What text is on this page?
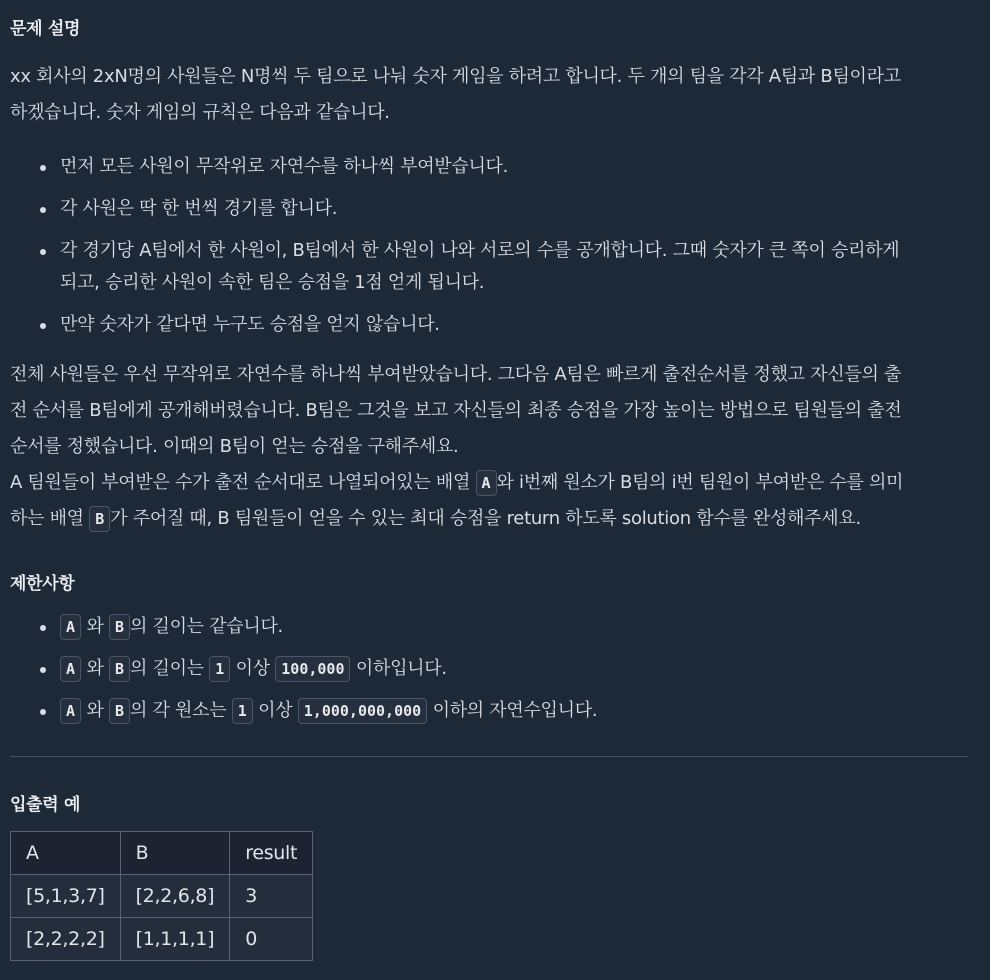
문제 설명
xx 회사의 2xN명의 사원들은 N명씩 두 팀으로 나눠 숫자 게임을 하려고 합니다. 두 개의 팀을 각각 A팀과 B팀이라고
하겠습니다. 숫자 게임의 규칙은 다음과 같습니다.
먼저 모든 사원이 무작위로 자연수를 하나씩 부여받습니다.
각 사원은 딱 한 번씩 경기를 합니다.
각 경기당 A팀에서 한 사원이, B팀에서 한 사원이 나와 서로의 수를 공개합니다. 그때 숫자가 큰 쪽이 승리하게
되고, 승리한 사원이 속한 팀은 승점을 1점 얻게 됩니다.
만약 숫자가 같다면 누구도 승점을 얻지 않습니다.
전체 사원들은 우선 무작위로 자연수를 하나씩 부여받았습니다. 그다음 A팀은 빠르게 출전순서를 정했고 자신들의 출
전 순서를 B팀에게 공개해버렸습니다. B팀은 그것을 보고 자신들의 최종 승점을 가장 높이는 방법으로 팀원들의 출전
순서를 정했습니다. 이때의 B팀이 얻는 승점을 구해주세요.
A 팀원들이 부여받은 수가 출전 순서대로 나열되어있는 배열 A 와 i번째 원소가 B팀의 i번 팀원이 부여받은 수를 의미
하는 배열 B 가 주어질 때, B 팀원들이 얻을 수 있는 최대 승점을 return 하도록 solution 함수를 완성해주세요.
제한사항
A 와 B 의 길이는 같습니다.
A 와 B 의 길이는 1 이상 100,000 이하입니다.
A 와 B 의 각 원소는 1 이상 1,000,000,000 이하의 자연수입니다.
입출력 예
A	B	result
[5,1,3,7]	[2,2,6,8]	3
[2,2,2,2]	[1,1,1,1]	0
